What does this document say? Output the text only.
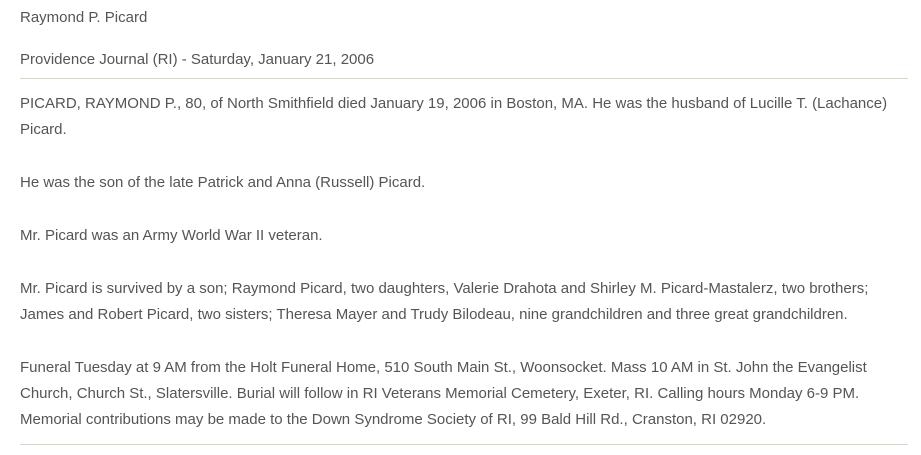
Raymond P. Picard
Providence Journal (RI) - Saturday, January 21, 2006

PICARD, RAYMOND P., 80, of North Smithfield died January 19, 2006 in Boston, MA. He was the husband of Lucille T. (Lachance) Picard.

He was the son of the late Patrick and Anna (Russell) Picard.

Mr. Picard was an Army World War II veteran.

Mr. Picard is survived by a son; Raymond Picard, two daughters, Valerie Drahota and Shirley M. Picard-Mastalerz, two brothers; James and Robert Picard, two sisters; Theresa Mayer and Trudy Bilodeau, nine grandchildren and three great grandchildren.

Funeral Tuesday at 9 AM from the Holt Funeral Home, 510 South Main St., Woonsocket. Mass 10 AM in St. John the Evangelist Church, Church St., Slatersville. Burial will follow in RI Veterans Memorial Cemetery, Exeter, RI. Calling hours Monday 6-9 PM. Memorial contributions may be made to the Down Syndrome Society of RI, 99 Bald Hill Rd., Cranston, RI 02920.
